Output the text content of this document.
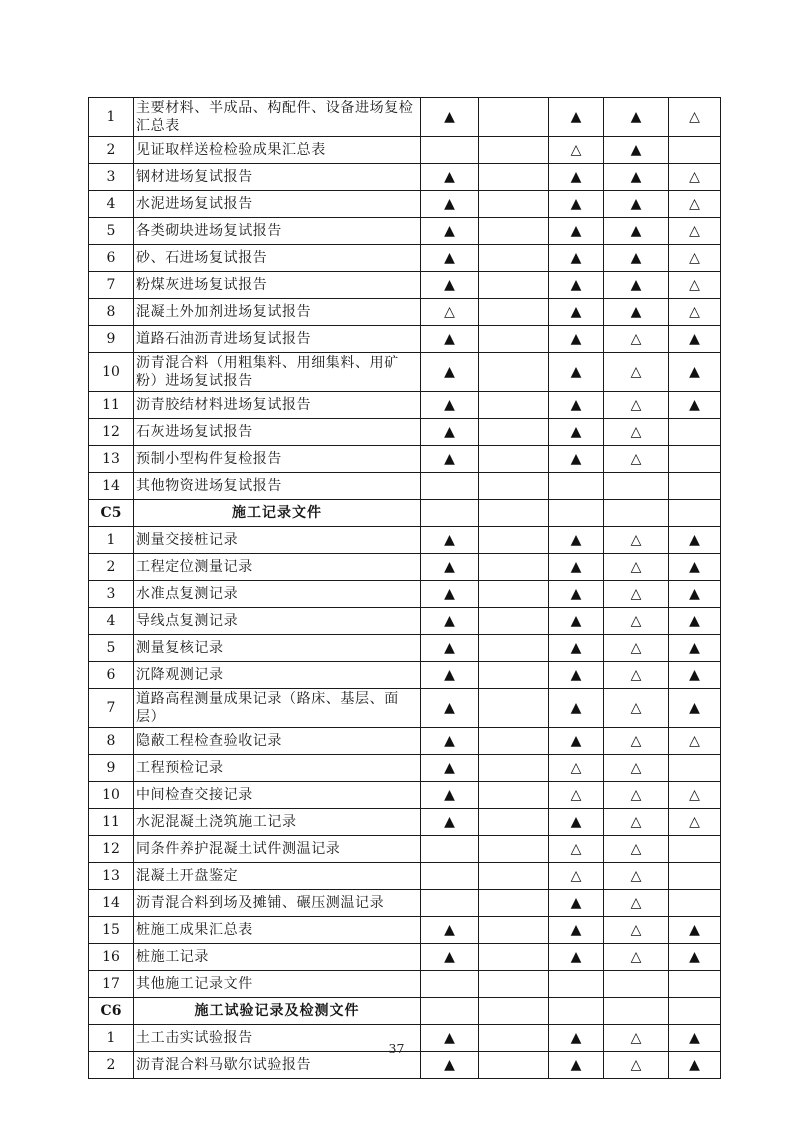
1	主要材料、半成品、构配件、设备进场复检汇总表	▲		▲	▲	△
2	见证取样送检检验成果汇总表			△	▲	
3	钢材进场复试报告	▲		▲	▲	△
4	水泥进场复试报告	▲		▲	▲	△
5	各类砌块进场复试报告	▲		▲	▲	△
6	砂、石进场复试报告	▲		▲	▲	△
7	粉煤灰进场复试报告	▲		▲	▲	△
8	混凝土外加剂进场复试报告	△		▲	▲	△
9	道路石油沥青进场复试报告	▲		▲	△	▲
10	沥青混合料（用粗集料、用细集料、用矿粉）进场复试报告	▲		▲	△	▲
11	沥青胶结材料进场复试报告	▲		▲	△	▲
12	石灰进场复试报告	▲		▲	△	
13	预制小型构件复检报告	▲		▲	△	
14	其他物资进场复试报告					
C5	施工记录文件					
1	测量交接桩记录	▲		▲	△	▲
2	工程定位测量记录	▲		▲	△	▲
3	水准点复测记录	▲		▲	△	▲
4	导线点复测记录	▲		▲	△	▲
5	测量复核记录	▲		▲	△	▲
6	沉降观测记录	▲		▲	△	▲
7	道路高程测量成果记录（路床、基层、面层）	▲		▲	△	▲
8	隐蔽工程检查验收记录	▲		▲	△	△
9	工程预检记录	▲		△	△	
10	中间检查交接记录	▲		△	△	△
11	水泥混凝土浇筑施工记录	▲		▲	△	△
12	同条件养护混凝土试件测温记录			△	△	
13	混凝土开盘鉴定			△	△	
14	沥青混合料到场及摊铺、碾压测温记录			▲	△	
15	桩施工成果汇总表	▲		▲	△	▲
16	桩施工记录	▲		▲	△	▲
17	其他施工记录文件					
C6	施工试验记录及检测文件					
1	土工击实试验报告	▲		▲	△	▲
2	沥青混合料马歇尔试验报告	▲		▲	△	▲
37
